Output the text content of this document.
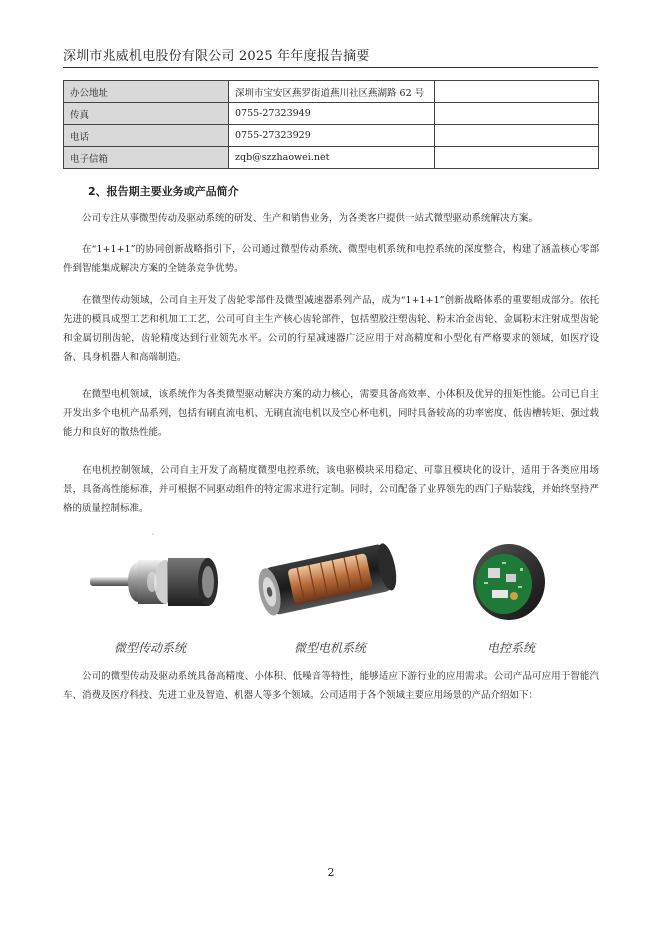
深圳市兆威机电股份有限公司 2025 年年度报告摘要
办公地址	深圳市宝安区燕罗街道燕川社区燕湖路 62 号	
传真	0755-27323949	
电话	0755-27323929	
电子信箱	zqb@szzhaowei.net	
2、报告期主要业务或产品简介
公司专注从事微型传动及驱动系统的研发、生产和销售业务，为各类客户提供一站式微型驱动系统解决方案。
在“1+1+1”的协同创新战略指引下，公司通过微型传动系统、微型电机系统和电控系统的深度整合，构建了涵盖核心零部件到智能集成解决方案的全链条竞争优势。
在微型传动领域，公司自主开发了齿轮零部件及微型减速器系列产品，成为“1+1+1”创新战略体系的重要组成部分。依托先进的模具成型工艺和机加工工艺，公司可自主生产核心齿轮部件，包括塑胶注塑齿轮、粉末冶金齿轮、金属粉末注射成型齿轮和金属切削齿轮，齿轮精度达到行业领先水平。公司的行星减速器广泛应用于对高精度和小型化有严格要求的领域，如医疗设备、具身机器人和高端制造。
在微型电机领域，该系统作为各类微型驱动解决方案的动力核心，需要具备高效率、小体积及优异的扭矩性能。公司已自主开发出多个电机产品系列，包括有刷直流电机、无刷直流电机以及空心杯电机，同时具备较高的功率密度、低齿槽转矩、强过载能力和良好的散热性能。
在电机控制领域，公司自主开发了高精度微型电控系统，该电驱模块采用稳定、可靠且模块化的设计，适用于各类应用场景，具备高性能标准，并可根据不同驱动组件的特定需求进行定制。同时，公司配备了业界领先的西门子贴装线，并始终坚持严格的质量控制标准。
˙
微型传动系统	微型电机系统	电控系统
公司的微型传动及驱动系统具备高精度、小体积、低噪音等特性，能够适应下游行业的应用需求。公司产品可应用于智能汽车、消费及医疗科技、先进工业及智造、机器人等多个领域。公司适用于各个领域主要应用场景的产品介绍如下：
2
